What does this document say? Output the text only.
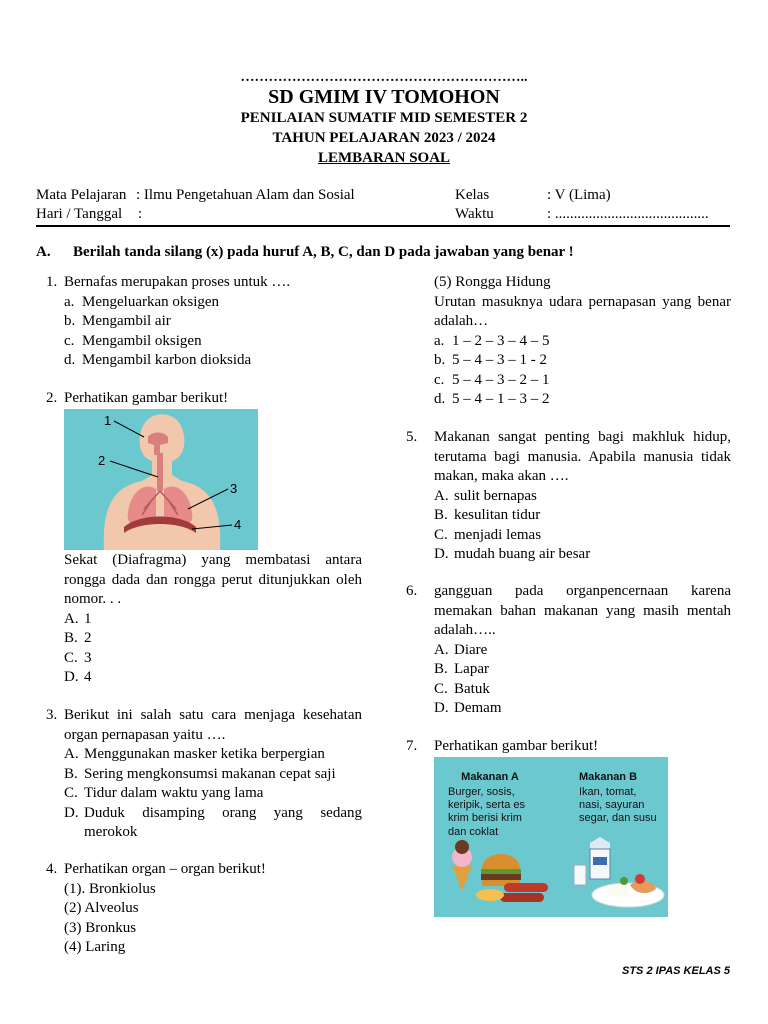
……………………………………………………..
SD GMIM IV TOMOHON
PENILAIAN SUMATIF MID SEMESTER 2
TAHUN PELAJARAN 2023 / 2024
LEMBARAN SOAL
Mata Pelajaran : Ilmu Pengetahuan Alam dan Sosial
Hari / Tanggal :
Kelas	: V (Lima)
Waktu	: .........................................
A. Berilah tanda silang (x) pada huruf A, B, C, dan D pada jawaban yang benar !

1. Bernafas merupakan proses untuk ….

a. Mengeluarkan oksigen
b. Mengambil air
c. Mengambil oksigen
d. Mengambil karbon dioksida

2. Perhatikan gambar berikut!

1
2
3
4

Sekat (Diafragma) yang membatasi antara

rongga dada dan rongga perut ditunjukkan oleh

nomor. . .

A. 1
B. 2
C. 3
D. 4

3. Berikut ini salah satu cara menjaga kesehatan

organ pernapasan yaitu ….

A. Menggunakan masker ketika berpergian
B. Sering mengkonsumsi makanan cepat saji
C. Tidur dalam waktu yang lama
D. Duduk disamping orang yang sedang
merokok

4. Perhatikan organ – organ berikut!

(1). Bronkiolus

(2) Alveolus

(3) Bronkus

(4) Laring

(5) Rongga Hidung

Urutan masuknya udara pernapasan yang benar

adalah…

a. 1 – 2 – 3 – 4 – 5
b. 5 – 4 – 3 – 1 - 2
c. 5 – 4 – 3 – 2 – 1
d. 5 – 4 – 1 – 3 – 2
5.	Makanan sangat penting bagi makhluk hidup,

terutama bagi manusia. Apabila manusia tidak

makan, maka akan ….

A. sulit bernapas
B. kesulitan tidur
C. menjadi lemas
D. mudah buang air besar
6.	gangguan pada organpencernaan karena

memakan bahan makanan yang masih mentah

adalah…..

A. Diare
B. Lapar
C. Batuk
D. Demam
7.	Perhatikan gambar berikut!
Makanan A
Burger, sosis,
keripik, serta es
krim berisi krim
dan coklat
Makanan B
Ikan, tomat,
nasi, sayuran
segar, dan susu
STS 2 IPAS KELAS 5
